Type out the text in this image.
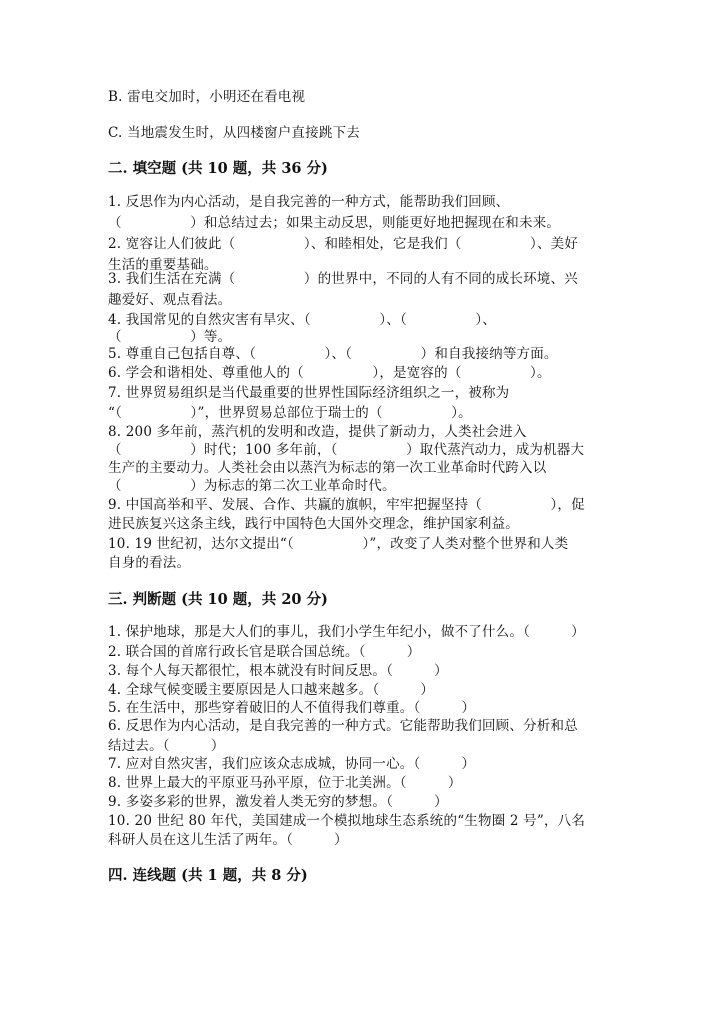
B. 雷电交加时，小明还在看电视
C. 当地震发生时，从四楼窗户直接跳下去
二. 填空题 (共 10 题，共 36 分)
1. 反思作为内心活动，是自我完善的一种方式，能帮助我们回顾、
（　　　　　）和总结过去；如果主动反思，则能更好地把握现在和未来。
2. 宽容让人们彼此（　　　　　）、和睦相处，它是我们（　　　　　）、美好
生活的重要基础。
3. 我们生活在充满（　　　　　）的世界中，不同的人有不同的成长环境、兴
趣爱好、观点看法。
4. 我国常见的自然灾害有旱灾、（　　　　　）、（　　　　　）、
（　　　　　）等。
5. 尊重自己包括自尊、（　　　　　）、（　　　　　）和自我接纳等方面。
6. 学会和谐相处、尊重他人的（　　　　　），是宽容的（　　　　　）。
7. 世界贸易组织是当代最重要的世界性国际经济组织之一，被称为
“（　　　　　）”，世界贸易总部位于瑞士的（　　　　　）。
8. 200 多年前，蒸汽机的发明和改造，提供了新动力，人类社会进入
（　　　　　）时代；100 多年前，（　　　　　）取代蒸汽动力，成为机器大
生产的主要动力。人类社会由以蒸汽为标志的第一次工业革命时代跨入以
（　　　　　）为标志的第二次工业革命时代。
9. 中国高举和平、发展、合作、共赢的旗帜，牢牢把握坚持（　　　　　），促
进民族复兴这条主线，践行中国特色大国外交理念，维护国家利益。
10. 19 世纪初，达尔文提出“（　　　　　）”，改变了人类对整个世界和人类
自身的看法。
三. 判断题 (共 10 题，共 20 分)
1. 保护地球，那是大人们的事儿，我们小学生年纪小，做不了什么。（　　　）
2. 联合国的首席行政长官是联合国总统。（　　　）
3. 每个人每天都很忙，根本就没有时间反思。（　　　）
4. 全球气候变暖主要原因是人口越来越多。（　　　）
5. 在生活中，那些穿着破旧的人不值得我们尊重。（　　　）
6. 反思作为内心活动，是自我完善的一种方式。它能帮助我们回顾、分析和总
结过去。（　　　）
7. 应对自然灾害，我们应该众志成城，协同一心。（　　　）
8. 世界上最大的平原亚马孙平原，位于北美洲。（　　　）
9. 多姿多彩的世界，激发着人类无穷的梦想。（　　　）
10. 20 世纪 80 年代，美国建成一个模拟地球生态系统的“生物圈 2 号”，八名
科研人员在这儿生活了两年。（　　　）
四. 连线题 (共 1 题，共 8 分)
